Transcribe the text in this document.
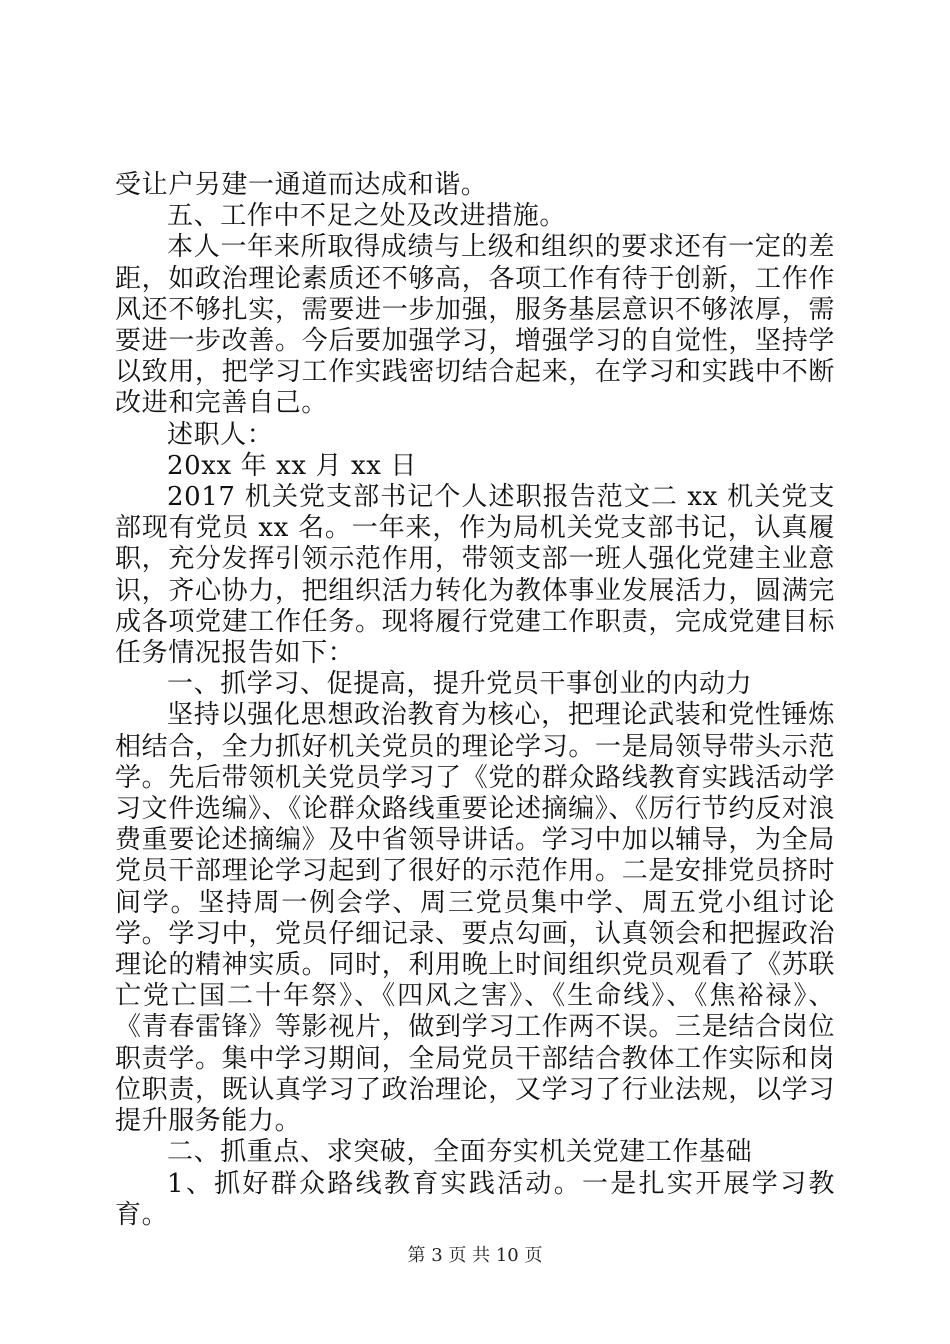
受让户另建一通道而达成和谐。

五、工作中不足之处及改进措施。

本人一年来所取得成绩与上级和组织的要求还有一定的差距，如政治理论素质还不够高，各项工作有待于创新，工作作风还不够扎实，需要进一步加强，服务基层意识不够浓厚，需要进一步改善。今后要加强学习，增强学习的自觉性，坚持学以致用，把学习工作实践密切结合起来，在学习和实践中不断改进和完善自己。

述职人：

20xx 年 xx 月 xx 日

2017 机关党支部书记个人述职报告范文二 xx 机关党支部现有党员 xx 名。一年来，作为局机关党支部书记，认真履职，充分发挥引领示范作用，带领支部一班人强化党建主业意识，齐心协力，把组织活力转化为教体事业发展活力，圆满完成各项党建工作任务。现将履行党建工作职责，完成党建目标任务情况报告如下：

一、抓学习、促提高，提升党员干事创业的内动力

坚持以强化思想政治教育为核心，把理论武装和党性锤炼相结合，全力抓好机关党员的理论学习。一是局领导带头示范学。先后带领机关党员学习了《党的群众路线教育实践活动学习文件选编》、《论群众路线重要论述摘编》、《厉行节约反对浪费重要论述摘编》及中省领导讲话。学习中加以辅导，为全局党员干部理论学习起到了很好的示范作用。二是安排党员挤时间学。坚持周一例会学、周三党员集中学、周五党小组讨论学。学习中，党员仔细记录、要点勾画，认真领会和把握政治理论的精神实质。同时，利用晚上时间组织党员观看了《苏联亡党亡国二十年祭》、《四风之害》、《生命线》、《焦裕禄》、《青春雷锋》等影视片，做到学习工作两不误。三是结合岗位职责学。集中学习期间，全局党员干部结合教体工作实际和岗位职责，既认真学习了政治理论，又学习了行业法规，以学习提升服务能力。

二、抓重点、求突破，全面夯实机关党建工作基础

1、抓好群众路线教育实践活动。一是扎实开展学习教育。

第 3 页 共 10 页
